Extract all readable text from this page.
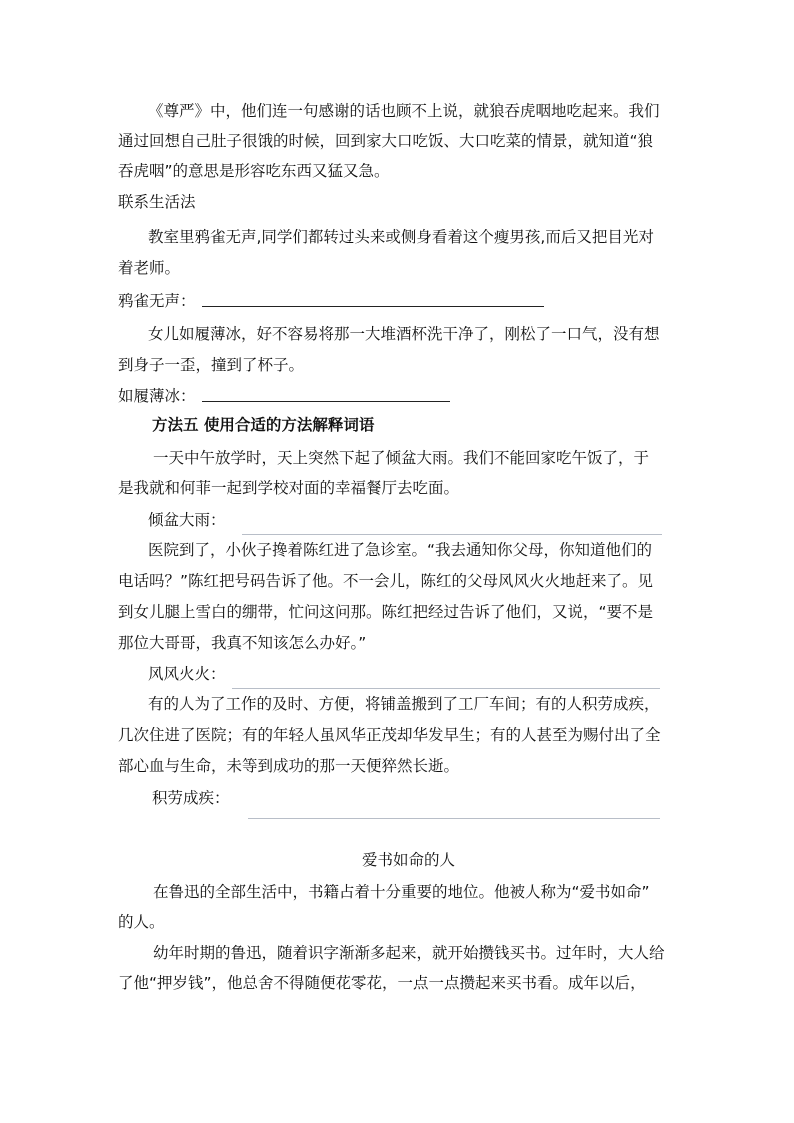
《尊严》中，他们连一句感谢的话也顾不上说，就狼吞虎咽地吃起来。我们

通过回想自己肚子很饿的时候，回到家大口吃饭、大口吃菜的情景，就知道“狼

吞虎咽”的意思是形容吃东西又猛又急。

联系生活法

教室里鸦雀无声,同学们都转过头来或侧身看着这个瘦男孩,而后又把目光对

着老师。

鸦雀无声：

女儿如履薄冰，好不容易将那一大堆酒杯洗干净了，刚松了一口气，没有想

到身子一歪，撞到了杯子。

如履薄冰：

方法五 使用合适的方法解释词语

一天中午放学时，天上突然下起了倾盆大雨。我们不能回家吃午饭了，于

是我就和何菲一起到学校对面的幸福餐厅去吃面。

倾盆大雨：

医院到了，小伙子搀着陈红进了急诊室。“我去通知你父母，你知道他们的

电话吗？”陈红把号码告诉了他。不一会儿，陈红的父母风风火火地赶来了。见

到女儿腿上雪白的绷带，忙问这问那。陈红把经过告诉了他们，又说，“要不是

那位大哥哥，我真不知该怎么办好。”

风风火火：

有的人为了工作的及时、方便，将铺盖搬到了工厂车间；有的人积劳成疾，

几次住进了医院；有的年轻人虽风华正茂却华发早生；有的人甚至为赐付出了全

部心血与生命，未等到成功的那一天便猝然长逝。

积劳成疾：

爱书如命的人

在鲁迅的全部生活中，书籍占着十分重要的地位。他被人称为“爱书如命”

的人。

幼年时期的鲁迅，随着识字渐渐多起来，就开始攒钱买书。过年时，大人给

了他“押岁钱”，他总舍不得随便花零花，一点一点攒起来买书看。成年以后，
